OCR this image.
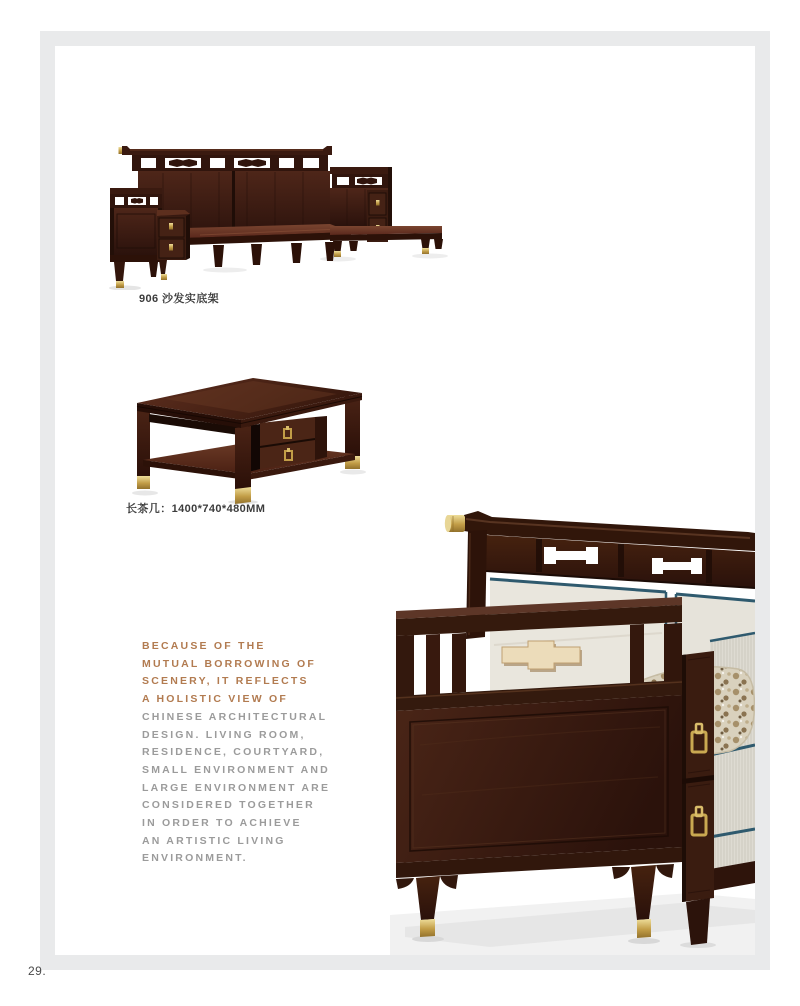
906 沙发实底架
长茶几：1400*740*480MM
BECAUSE OF THE
MUTUAL BORROWING OF
SCENERY, IT REFLECTS
A HOLISTIC VIEW OF
CHINESE ARCHITECTURAL
DESIGN. LIVING ROOM,
RESIDENCE, COURTYARD,
SMALL ENVIRONMENT AND
LARGE ENVIRONMENT ARE
CONSIDERED TOGETHER
IN ORDER TO ACHIEVE
AN ARTISTIC LIVING
ENVIRONMENT.
29.
